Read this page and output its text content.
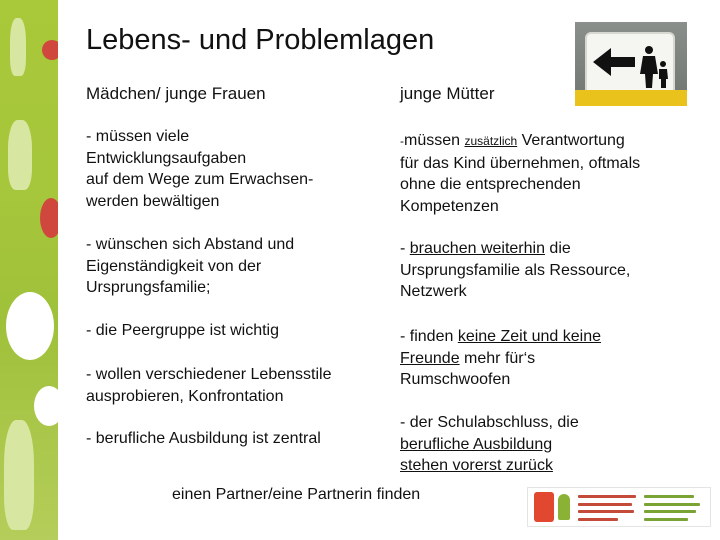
Lebens- und Problemlagen
Mädchen/ junge Frauen	junge Mütter
- müssen viele
Entwicklungsaufgaben
auf dem Wege zum Erwachsen-
werden bewältigen
- wünschen sich Abstand und
Eigenständigkeit von der
Ursprungsfamilie;
- die Peergruppe ist wichtig
- wollen verschiedener Lebensstile
ausprobieren, Konfrontation
- berufliche Ausbildung ist zentral
-müssen zusätzlich Verantwortung
für das Kind übernehmen, oftmals
ohne die entsprechenden
Kompetenzen
- brauchen weiterhin die
Ursprungsfamilie als Ressource,
Netzwerk
- finden keine Zeit und keine
Freunde mehr für‘s
Rumschwoofen
- der Schulabschluss, die
berufliche Ausbildung
stehen vorerst zurück
einen Partner/eine Partnerin finden
